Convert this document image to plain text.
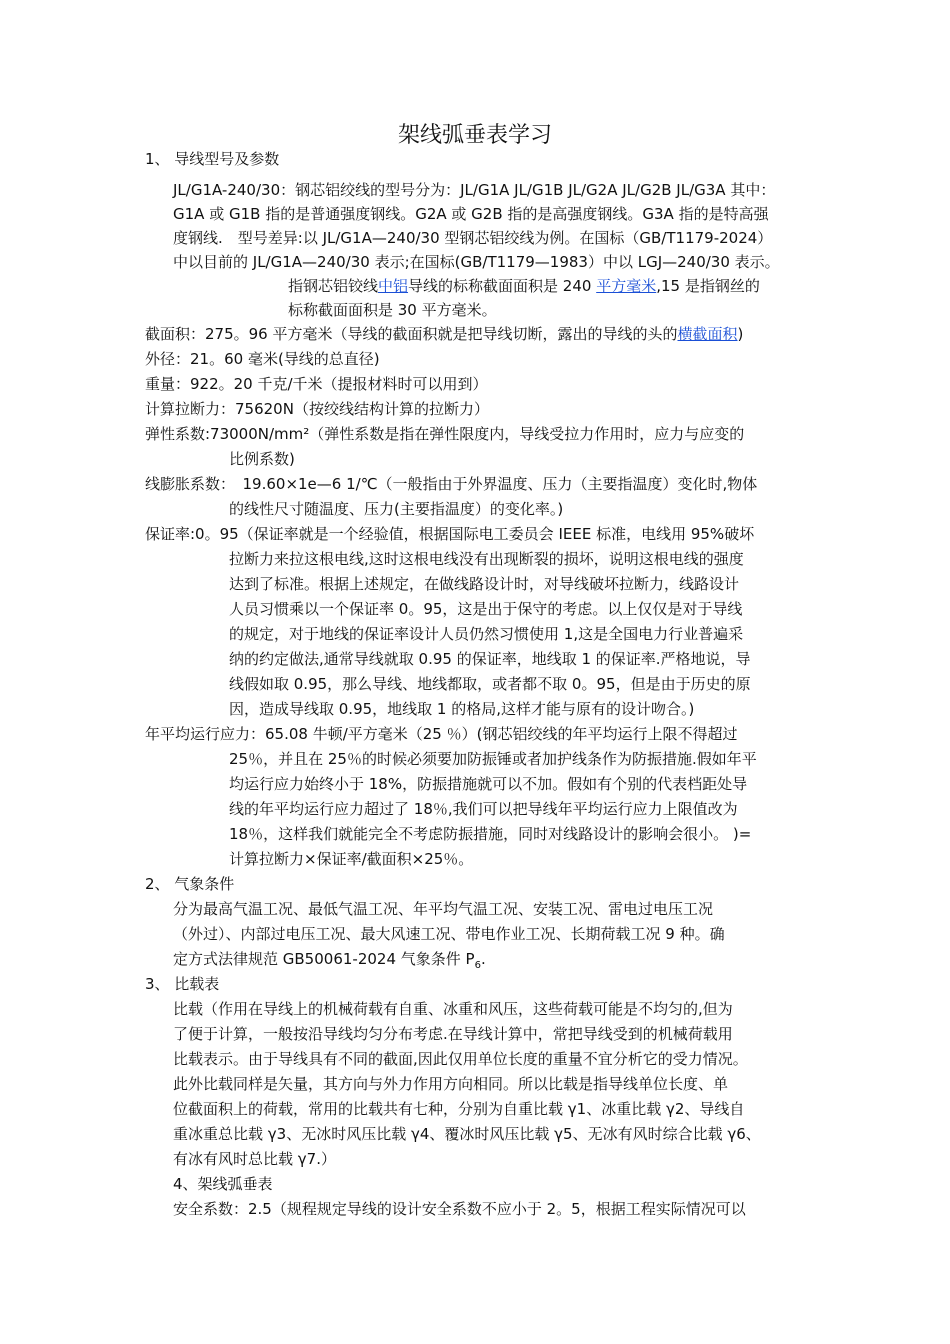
架线弧垂表学习
1、 导线型号及参数
JL/G1A-240/30：钢芯铝绞线的型号分为：JL/G1A JL/G1B JL/G2A JL/G2B JL/G3A 其中：
G1A 或 G1B 指的是普通强度钢线。G2A 或 G2B 指的是高强度钢线。G3A 指的是特高强
度钢线.　型号差异:以 JL/G1A—240/30 型钢芯铝绞线为例。在国标（GB/T1179-2024）
中以目前的 JL/G1A—240/30 表示;在国标(GB/T1179—1983）中以 LGJ—240/30 表示。
指钢芯铝铰线中铝导线的标称截面面积是 240 平方毫米,15 是指钢丝的
标称截面面积是 30 平方毫米。
截面积：275。96 平方毫米（导线的截面积就是把导线切断，露出的导线的头的横截面积)
外径：21。60 毫米(导线的总直径)
重量：922。20 千克/千米（提报材料时可以用到）
计算拉断力：75620N（按绞线结构计算的拉断力）
弹性系数:73000N/mm²（弹性系数是指在弹性限度内，导线受拉力作用时，应力与应变的
比例系数)
线膨胀系数：　19.60×1e—6 1/℃（一般指由于外界温度、压力（主要指温度）变化时,物体
的线性尺寸随温度、压力(主要指温度）的变化率。)
保证率:0。95（保证率就是一个经验值，根据国际电工委员会 IEEE 标准，电线用 95%破坏
拉断力来拉这根电线,这时这根电线没有出现断裂的损坏，说明这根电线的强度
达到了标准。根据上述规定，在做线路设计时，对导线破坏拉断力，线路设计
人员习惯乘以一个保证率 0。95，这是出于保守的考虑。以上仅仅是对于导线
的规定，对于地线的保证率设计人员仍然习惯使用 1,这是全国电力行业普遍采
纳的约定做法,通常导线就取 0.95 的保证率，地线取 1 的保证率.严格地说，导
线假如取 0.95，那么导线、地线都取，或者都不取 0。95，但是由于历史的原
因，造成导线取 0.95，地线取 1 的格局,这样才能与原有的设计吻合。)
年平均运行应力：65.08 牛顿/平方毫米（25 ％）(钢芯铝绞线的年平均运行上限不得超过
25％，并且在 25％的时候必须要加防振锤或者加护线条作为防振措施.假如年平
均运行应力始终小于 18%，防振措施就可以不加。假如有个别的代表档距处导
线的年平均运行应力超过了 18％,我们可以把导线年平均运行应力上限值改为
18％，这样我们就能完全不考虑防振措施，同时对线路设计的影响会很小。 )=
计算拉断力×保证率/截面积×25％。
2、 气象条件
分为最高气温工况、最低气温工况、年平均气温工况、安装工况、雷电过电压工况
（外过）、内部过电压工况、最大风速工况、带电作业工况、长期荷载工况 9 种。确
定方式法律规范 GB50061-2024 气象条件 $P_6$.
3、 比载表
比载（作用在导线上的机械荷载有自重、冰重和风压，这些荷载可能是不均匀的,但为
了便于计算，一般按沿导线均匀分布考虑.在导线计算中，常把导线受到的机械荷载用
比载表示。由于导线具有不同的截面,因此仅用单位长度的重量不宜分析它的受力情况。
此外比载同样是矢量，其方向与外力作用方向相同。所以比载是指导线单位长度、单
位截面积上的荷载，常用的比载共有七种，分别为自重比载 γ1、冰重比载 γ2、导线自
重冰重总比载 γ3、无冰时风压比载 γ4、覆冰时风压比载 γ5、无冰有风时综合比载 γ6、
有冰有风时总比载 γ7.）
4、架线弧垂表
安全系数：2.5（规程规定导线的设计安全系数不应小于 2。5，根据工程实际情况可以
